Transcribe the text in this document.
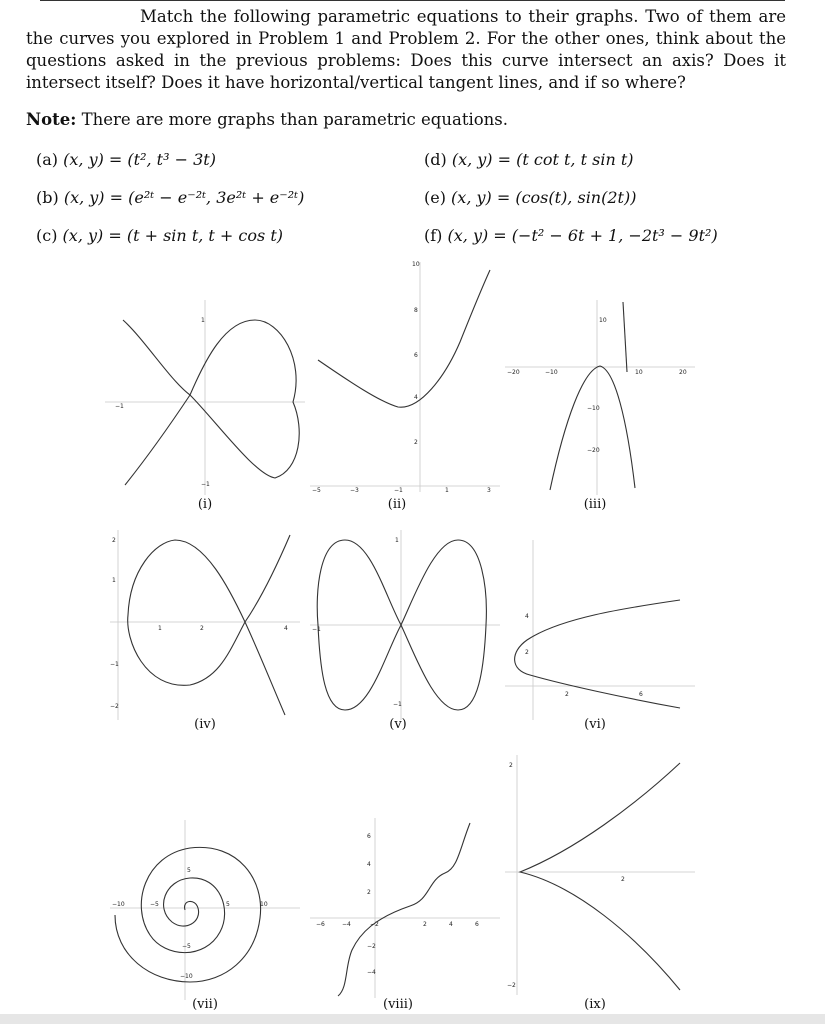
Match the following parametric equations to their graphs. Two of them are the curves you explored in Problem 1 and Problem 2. For the other ones, think about the questions asked in the previous problems: Does this curve intersect an axis? Does it intersect itself? Does it have horizontal/vertical tangent lines, and if so where?

Note: There are more graphs than parametric equations.

(a) (x, y) = (t², t³ − 3t)

(b) (x, y) = (e²ᵗ − e⁻²ᵗ, 3e²ᵗ + e⁻²ᵗ)

(c) (x, y) = (t + sin t, t + cos t)

(d) (x, y) = (t cot t, t sin t)

(e) (x, y) = (cos(t), sin(2t))

(f) (x, y) = (−t² − 6t + 1, −2t³ − 9t²)

1
−1
−1

(i)

10
8
6
4
2
−5	−3	−1	1	3

(ii)

10
−20	−10	10	20
−10
−20

(iii)

2
1
1	2	4
−1
−2

(iv)

1
−1
−1

(v)

4
2
2	6

(vi)

−10	−5	5	10
5
−5
−10

(vii)

6
4
2
−6	−4	−2	2	4	6
−2
−4

(viii)

2
2
−2

(ix)
